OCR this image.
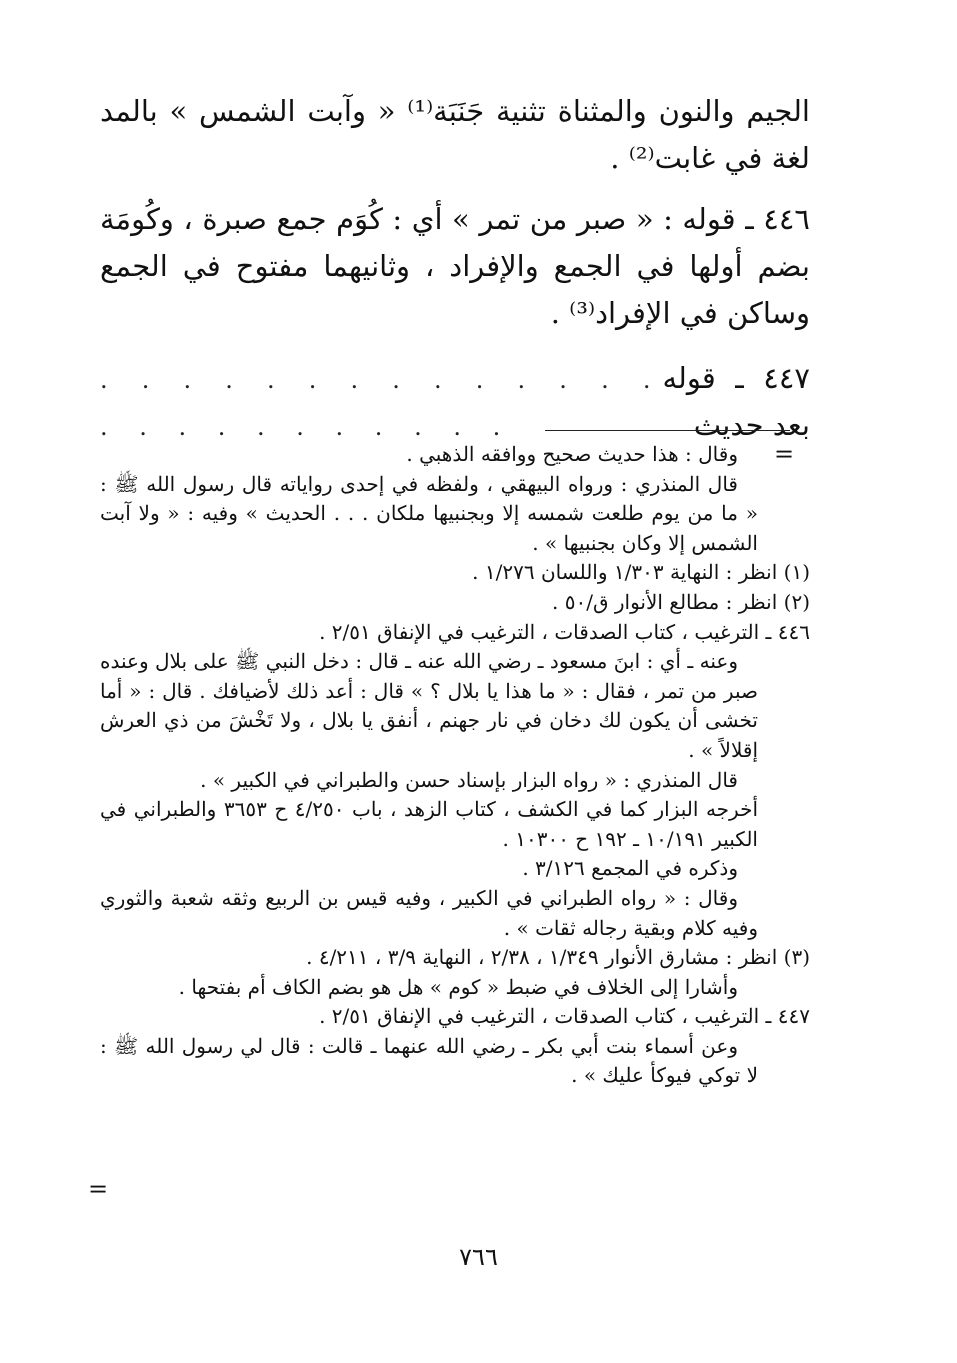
الجيم والنون والمثناة تثنية جَنَبَة⁽¹⁾ « وآبت الشمس » بالمد لغة في غابت⁽²⁾ .

٤٤٦ ـ قوله : « صبر من تمر » أي : كُوَم جمع صبرة ، وكُومَة بضم أولها في الجمع والإفراد ، وثانيهما مفتوح في الجمع وساكن في الإفراد⁽³⁾ .

٤٤٧ ـ قوله بعد حديث
. . . . . . . . . . . . . . . . . . . . . . . . .
=

وقال : هذا حديث صحيح ووافقه الذهبي .

قال المنذري : ورواه البيهقي ، ولفظه في إحدى رواياته قال رسول الله ﷺ : « ما من يوم طلعت شمسه إلا وبجنبيها ملكان . . . الحديث » وفيه : « ولا آبت الشمس إلا وكان بجنبيها » .

(١) انظر : النهاية ١/٣٠٣ واللسان ١/٢٧٦ .

(٢) انظر : مطالع الأنوار ق/٥٠ .

٤٤٦ ـ الترغيب ، كتاب الصدقات ، الترغيب في الإنفاق ٢/٥١ .

وعنه ـ أي : ابنَ مسعود ـ رضي الله عنه ـ قال : دخل النبي ﷺ على بلال وعنده صبر من تمر ، فقال : « ما هذا يا بلال ؟ » قال : أعد ذلك لأضيافك . قال : « أما تخشى أن يكون لك دخان في نار جهنم ، أنفق يا بلال ، ولا تَخْشَ من ذي العرش إقلالاً » .

قال المنذري : « رواه البزار بإسناد حسن والطبراني في الكبير » .

أخرجه البزار كما في الكشف ، كتاب الزهد ، باب ٤/٢٥٠ ح ٣٦٥٣ والطبراني في الكبير ١٠/١٩١ ـ ١٩٢ ح ١٠٣٠٠ .

وذكره في المجمع ٣/١٢٦ .

وقال : « رواه الطبراني في الكبير ، وفيه قيس بن الربيع وثقه شعبة والثوري وفيه كلام وبقية رجاله ثقات » .

(٣) انظر : مشارق الأنوار ١/٣٤٩ ، ٢/٣٨ ، النهاية ٣/٩ ، ٤/٢١١ .

وأشارا إلى الخلاف في ضبط « كوم » هل هو بضم الكاف أم بفتحها .

٤٤٧ ـ الترغيب ، كتاب الصدقات ، الترغيب في الإنفاق ٢/٥١ .

وعن أسماء بنت أبي بكر ـ رضي الله عنهما ـ قالت : قال لي رسول الله ﷺ : لا توكي فيوكأ عليك » .

=
٧٦٦
